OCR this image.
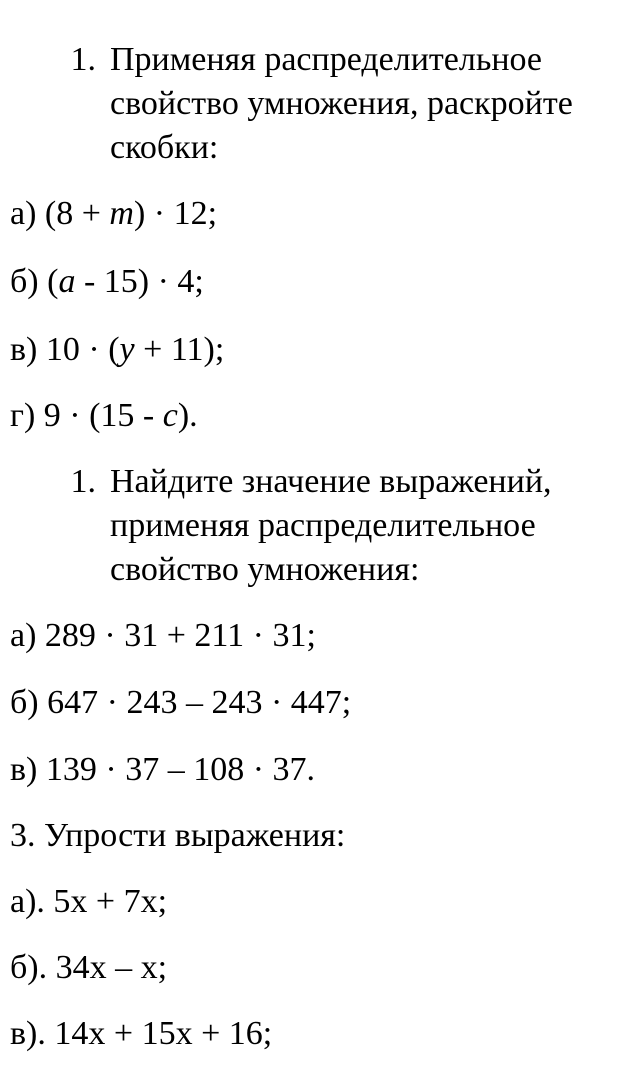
1. Применяя распределительное
свойство умножения, раскройте
скобки:
а) (8 + m) · 12;
б) (a - 15) · 4;
в) 10 · (y + 11);
г) 9 · (15 - c).
1. Найдите значение выражений,
применяя распределительное
свойство умножения:
а) 289 · 31 + 211 · 31;
б) 647 · 243 – 243 · 447;
в) 139 · 37 – 108 · 37.
3. Упрости выражения:
а). 5x + 7x;
б). 34x – x;
в). 14x + 15x + 16;
